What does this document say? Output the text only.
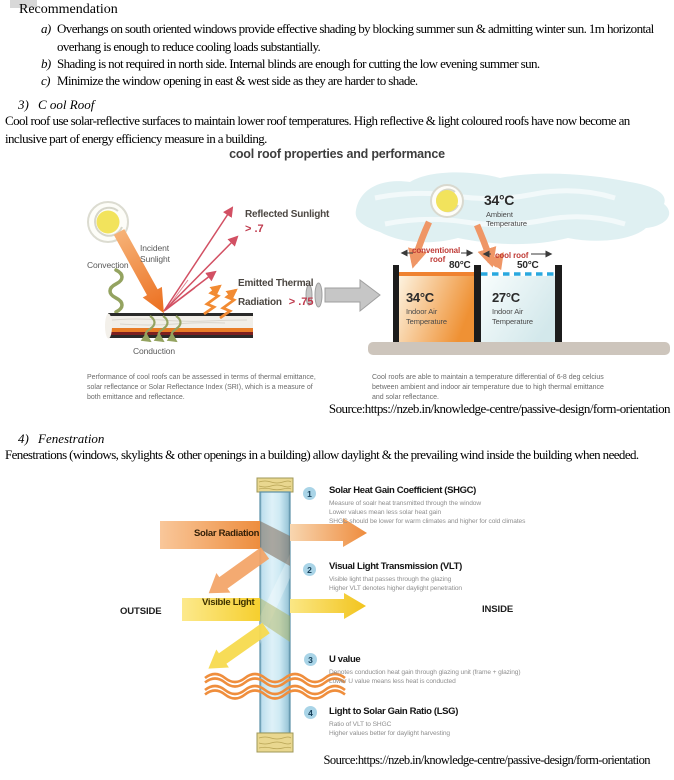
Recommendation
a) Overhangs on south oriented windows provide effective shading by blocking summer sun & admitting winter sun. 1m horizontal overhang is enough to reduce cooling loads substantially.
b) Shading is not required in north side. Internal blinds are enough for cutting the low evening summer sun.
c) Minimize the window opening in east & west side as they are harder to shade.
3) C ool Roof
Cool roof use solar-reflective surfaces to maintain lower roof temperatures. High reflective & light coloured roofs have now become an inclusive part of energy efficiency measure in a building.
cool roof properties and performance
Incident
Sunlight
Convection
Reflected Sunlight
> .7
Emitted Thermal
Radiation > .75
Conduction
34°C
Ambient
Temperature
conventional
roof
80°C
cool roof
50°C
34°C
Indoor Air
Temperature
27°C
Indoor Air
Temperature
Performance of cool roofs can be assessed in terms of thermal emittance, solar reflectance or Solar Reflectance Index (SRI), which is a measure of both emittance and reflectance.
Cool roofs are able to maintain a temperature differential of 6-8 deg celcius between ambient and indoor air temperature due to high thermal emittance and solar reflectance.
Source:https://nzeb.in/knowledge-centre/passive-design/form-orientation
4) Fenestration
Fenestrations (windows, skylights & other openings in a building) allow daylight & the prevailing wind inside the building when needed.
Solar Radiation
Visible Light
OUTSIDE	INSIDE
1	Solar Heat Gain Coefficient (SHGC)
Measure of soalr heat transmitted through the window
Lower values mean less solar heat gain
SHGC should be lower for warm climates and higher for cold climates
2	Visual Light Transmission (VLT)
Visible light that passes through the glazing
Higher VLT denotes higher daylight penetration
3	U value
Denotes conduction heat gain through glazing unit (frame + glazing)
Lower U value means less heat is conducted
4	Light to Solar Gain Ratio (LSG)
Ratio of VLT to SHGC
Higher values better for daylight harvesting
Source:https://nzeb.in/knowledge-centre/passive-design/form-orientation
